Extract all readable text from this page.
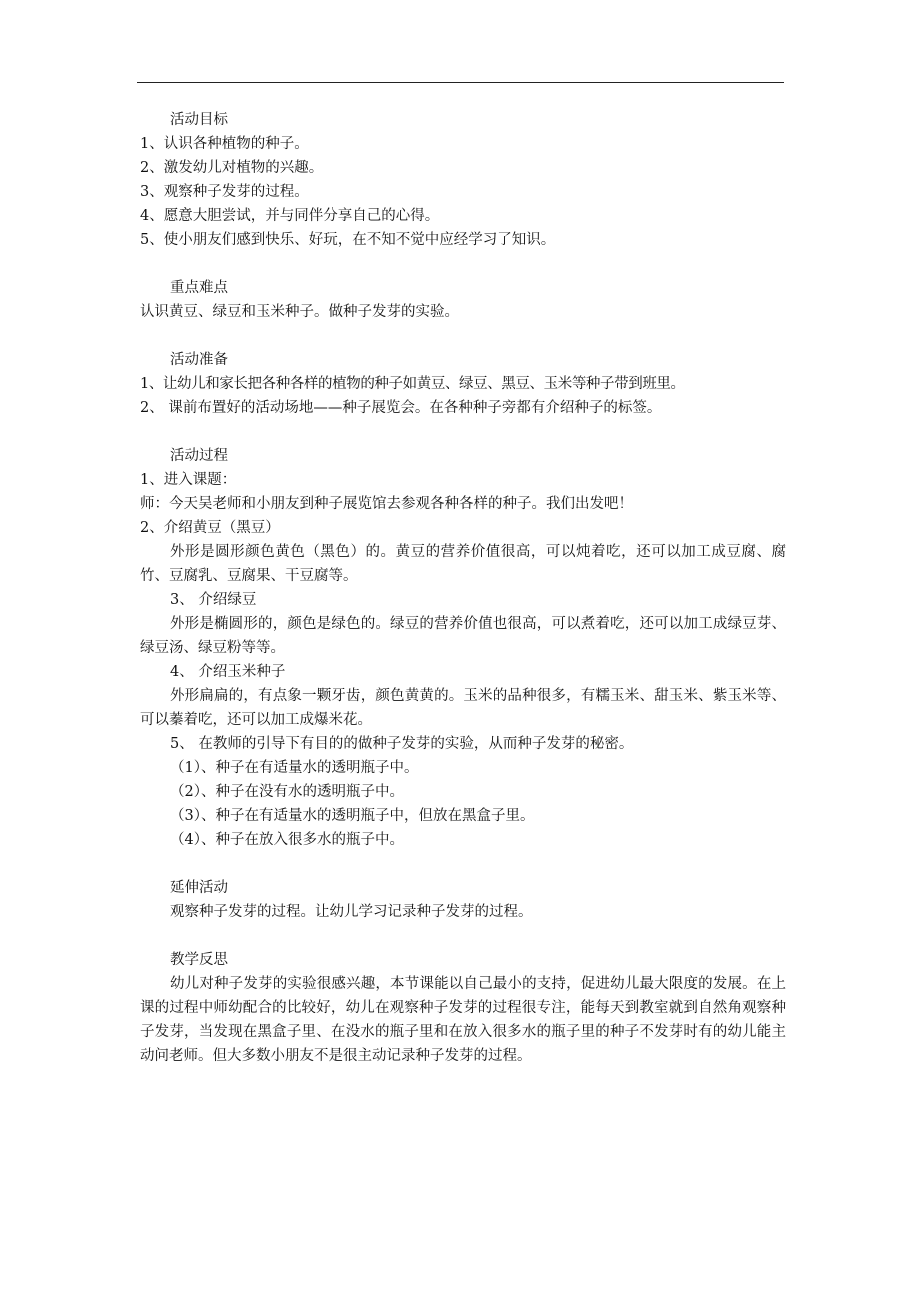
活动目标
1、认识各种植物的种子。
2、激发幼儿对植物的兴趣。
3、观察种子发芽的过程。
4、愿意大胆尝试，并与同伴分享自己的心得。
5、使小朋友们感到快乐、好玩，在不知不觉中应经学习了知识。
重点难点
认识黄豆、绿豆和玉米种子。做种子发芽的实验。
活动准备
1、让幼儿和家长把各种各样的植物的种子如黄豆、绿豆、黑豆、玉米等种子带到班里。
2、 课前布置好的活动场地——种子展览会。在各种种子旁都有介绍种子的标签。
活动过程
1、进入课题：
师：今天吴老师和小朋友到种子展览馆去参观各种各样的种子。我们出发吧！
2、介绍黄豆（黑豆）
外形是圆形颜色黄色（黑色）的。黄豆的营养价值很高，可以炖着吃，还可以加工成豆腐、腐竹、豆腐乳、豆腐果、干豆腐等。
3、 介绍绿豆
外形是椭圆形的，颜色是绿色的。绿豆的营养价值也很高，可以煮着吃，还可以加工成绿豆芽、绿豆汤、绿豆粉等等。
4、 介绍玉米种子
外形扁扁的，有点象一颗牙齿，颜色黄黄的。玉米的品种很多，有糯玉米、甜玉米、紫玉米等、可以蓁着吃，还可以加工成爆米花。
5、 在教师的引导下有目的的做种子发芽的实验，从而种子发芽的秘密。
（1）、种子在有适量水的透明瓶子中。
（2）、种子在没有水的透明瓶子中。
（3）、种子在有适量水的透明瓶子中，但放在黑盒子里。
（4）、种子在放入很多水的瓶子中。
延伸活动
观察种子发芽的过程。让幼儿学习记录种子发芽的过程。
教学反思
幼儿对种子发芽的实验很感兴趣，本节课能以自己最小的支持，促进幼儿最大限度的发展。在上课的过程中师幼配合的比较好，幼儿在观察种子发芽的过程很专注，能每天到教室就到自然角观察种子发芽，当发现在黑盒子里、在没水的瓶子里和在放入很多水的瓶子里的种子不发芽时有的幼儿能主动问老师。但大多数小朋友不是很主动记录种子发芽的过程。
